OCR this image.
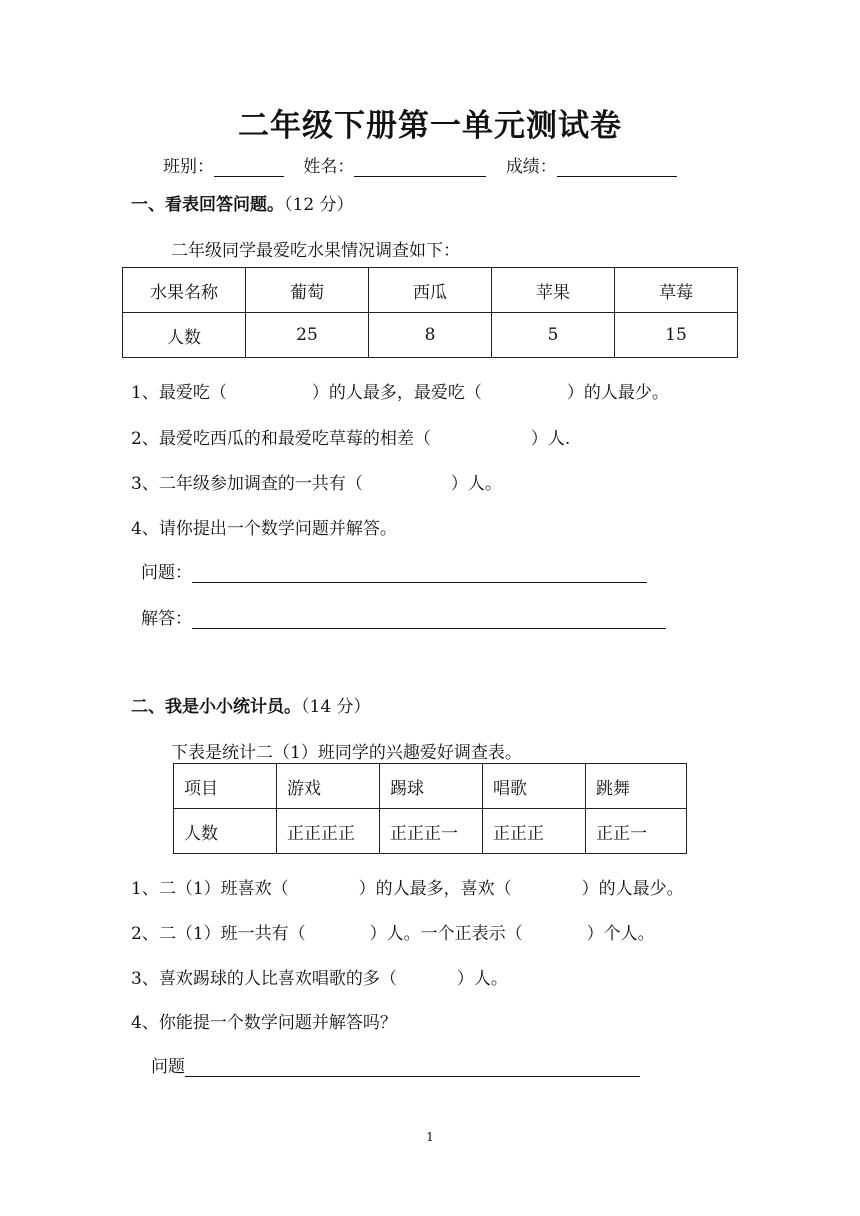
二年级下册第一单元测试卷
班别：	姓名：	成绩：
一、看表回答问题。（12 分）
二年级同学最爱吃水果情况调查如下：
水果名称	葡萄	西瓜	苹果	草莓
人数	25	8	5	15
1、最爱吃（	）的人最多，最爱吃（	）的人最少。
2、最爱吃西瓜的和最爱吃草莓的相差（	）人.
3、二年级参加调查的一共有（	）人。
4、请你提出一个数学问题并解答。
问题：
解答：
二、我是小小统计员。（14 分）
下表是统计二（1）班同学的兴趣爱好调查表。
项目	游戏	踢球	唱歌	跳舞
人数	正正正正	正正正一	正正正	正正一
1、二（1）班喜欢（	）的人最多，喜欢（	）的人最少。
2、二（1）班一共有（	）人。一个正表示（	）个人。
3、喜欢踢球的人比喜欢唱歌的多（	）人。
4、你能提一个数学问题并解答吗？
问题
1
